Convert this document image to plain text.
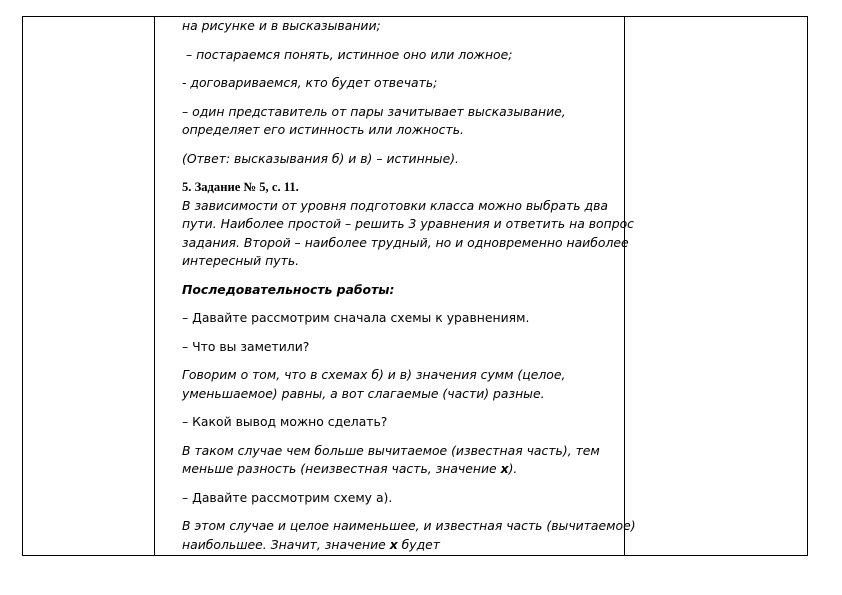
на рисунке и в высказывании;

– постараемся понять, истинное оно или ложное;

- договариваемся, кто будет отвечать;

– один представитель от пары зачитывает высказывание, определяет его истинность или ложность.

(Ответ: высказывания б) и в) – истинные).

5. Задание № 5, с. 11.

В зависимости от уровня подготовки класса можно выбрать два пути. Наиболее простой – решить 3 уравнения и ответить на вопрос задания. Второй – наиболее трудный, но и одновременно наиболее интересный путь.

Последовательность работы:

– Давайте рассмотрим сначала схемы к уравнениям.

– Что вы заметили?

Говорим о том, что в схемах б) и в) значения сумм (целое, уменьшаемое) равны, а вот слагаемые (части) разные.

– Какой вывод можно сделать?

В таком случае чем больше вычитаемое (известная часть), тем меньше разность (неизвестная часть, значение х).

– Давайте рассмотрим схему а).

В этом случае и целое наименьшее, и известная часть (вычитаемое) наибольшее. Значит, значение х будет
